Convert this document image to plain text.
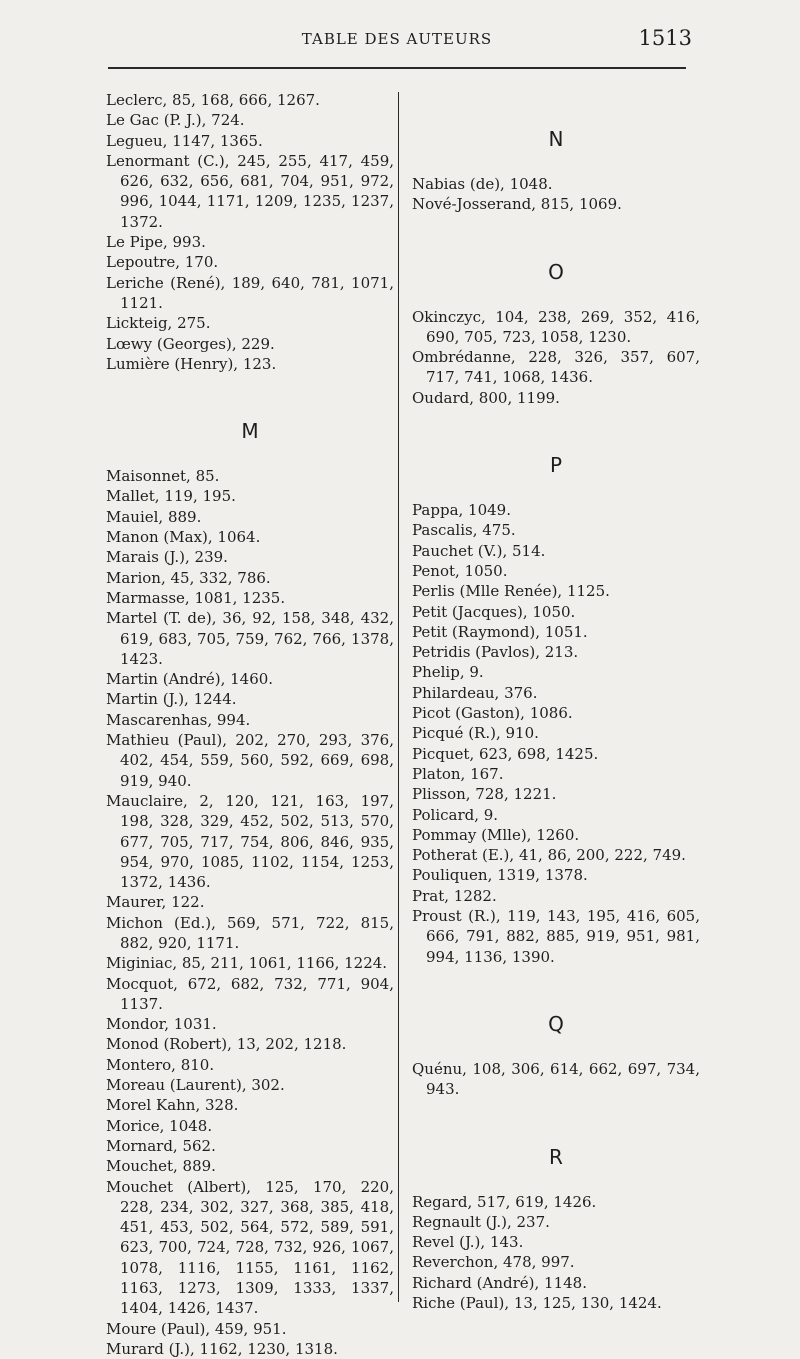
TABLE DES AUTEURS	1513
Leclerc, 85, 168, 666, 1267.
Le Gac (P. J.), 724.
Legueu, 1147, 1365.
Lenormant (C.), 245, 255, 417, 459, 626, 632, 656, 681, 704, 951, 972, 996, 1044, 1171, 1209, 1235, 1237, 1372.
Le Pipe, 993.
Lepoutre, 170.
Leriche (René), 189, 640, 781, 1071, 1121.
Lickteig, 275.
Lœwy (Georges), 229.
Lumière (Henry), 123.
M
Maisonnet, 85.
Mallet, 119, 195.
Mauiel, 889.
Manon (Max), 1064.
Marais (J.), 239.
Marion, 45, 332, 786.
Marmasse, 1081, 1235.
Martel (T. de), 36, 92, 158, 348, 432, 619, 683, 705, 759, 762, 766, 1378, 1423.
Martin (André), 1460.
Martin (J.), 1244.
Mascarenhas, 994.
Mathieu (Paul), 202, 270, 293, 376, 402, 454, 559, 560, 592, 669, 698, 919, 940.
Mauclaire, 2, 120, 121, 163, 197, 198, 328, 329, 452, 502, 513, 570, 677, 705, 717, 754, 806, 846, 935, 954, 970, 1085, 1102, 1154, 1253, 1372, 1436.
Maurer, 122.
Michon (Ed.), 569, 571, 722, 815, 882, 920, 1171.
Miginiac, 85, 211, 1061, 1166, 1224.
Mocquot, 672, 682, 732, 771, 904, 1137.
Mondor, 1031.
Monod (Robert), 13, 202, 1218.
Montero, 810.
Moreau (Laurent), 302.
Morel Kahn, 328.
Morice, 1048.
Mornard, 562.
Mouchet, 889.
Mouchet (Albert), 125, 170, 220, 228, 234, 302, 327, 368, 385, 418, 451, 453, 502, 564, 572, 589, 591, 623, 700, 724, 728, 732, 926, 1067, 1078, 1116, 1155, 1161, 1162, 1163, 1273, 1309, 1333, 1337, 1404, 1426, 1437.
Moure (Paul), 459, 951.
Murard (J.), 1162, 1230, 1318.
N
Nabias (de), 1048.
Nové-Josserand, 815, 1069.
O
Okinczyc, 104, 238, 269, 352, 416, 690, 705, 723, 1058, 1230.
Ombrédanne, 228, 326, 357, 607, 717, 741, 1068, 1436.
Oudard, 800, 1199.
P
Pappa, 1049.
Pascalis, 475.
Pauchet (V.), 514.
Penot, 1050.
Perlis (Mlle Renée), 1125.
Petit (Jacques), 1050.
Petit (Raymond), 1051.
Petridis (Pavlos), 213.
Phelip, 9.
Philardeau, 376.
Picot (Gaston), 1086.
Picqué (R.), 910.
Picquet, 623, 698, 1425.
Platon, 167.
Plisson, 728, 1221.
Policard, 9.
Pommay (Mlle), 1260.
Potherat (E.), 41, 86, 200, 222, 749.
Pouliquen, 1319, 1378.
Prat, 1282.
Proust (R.), 119, 143, 195, 416, 605, 666, 791, 882, 885, 919, 951, 981, 994, 1136, 1390.
Q
Quénu, 108, 306, 614, 662, 697, 734, 943.
R
Regard, 517, 619, 1426.
Regnault (J.), 237.
Revel (J.), 143.
Reverchon, 478, 997.
Richard (André), 1148.
Riche (Paul), 13, 125, 130, 1424.
